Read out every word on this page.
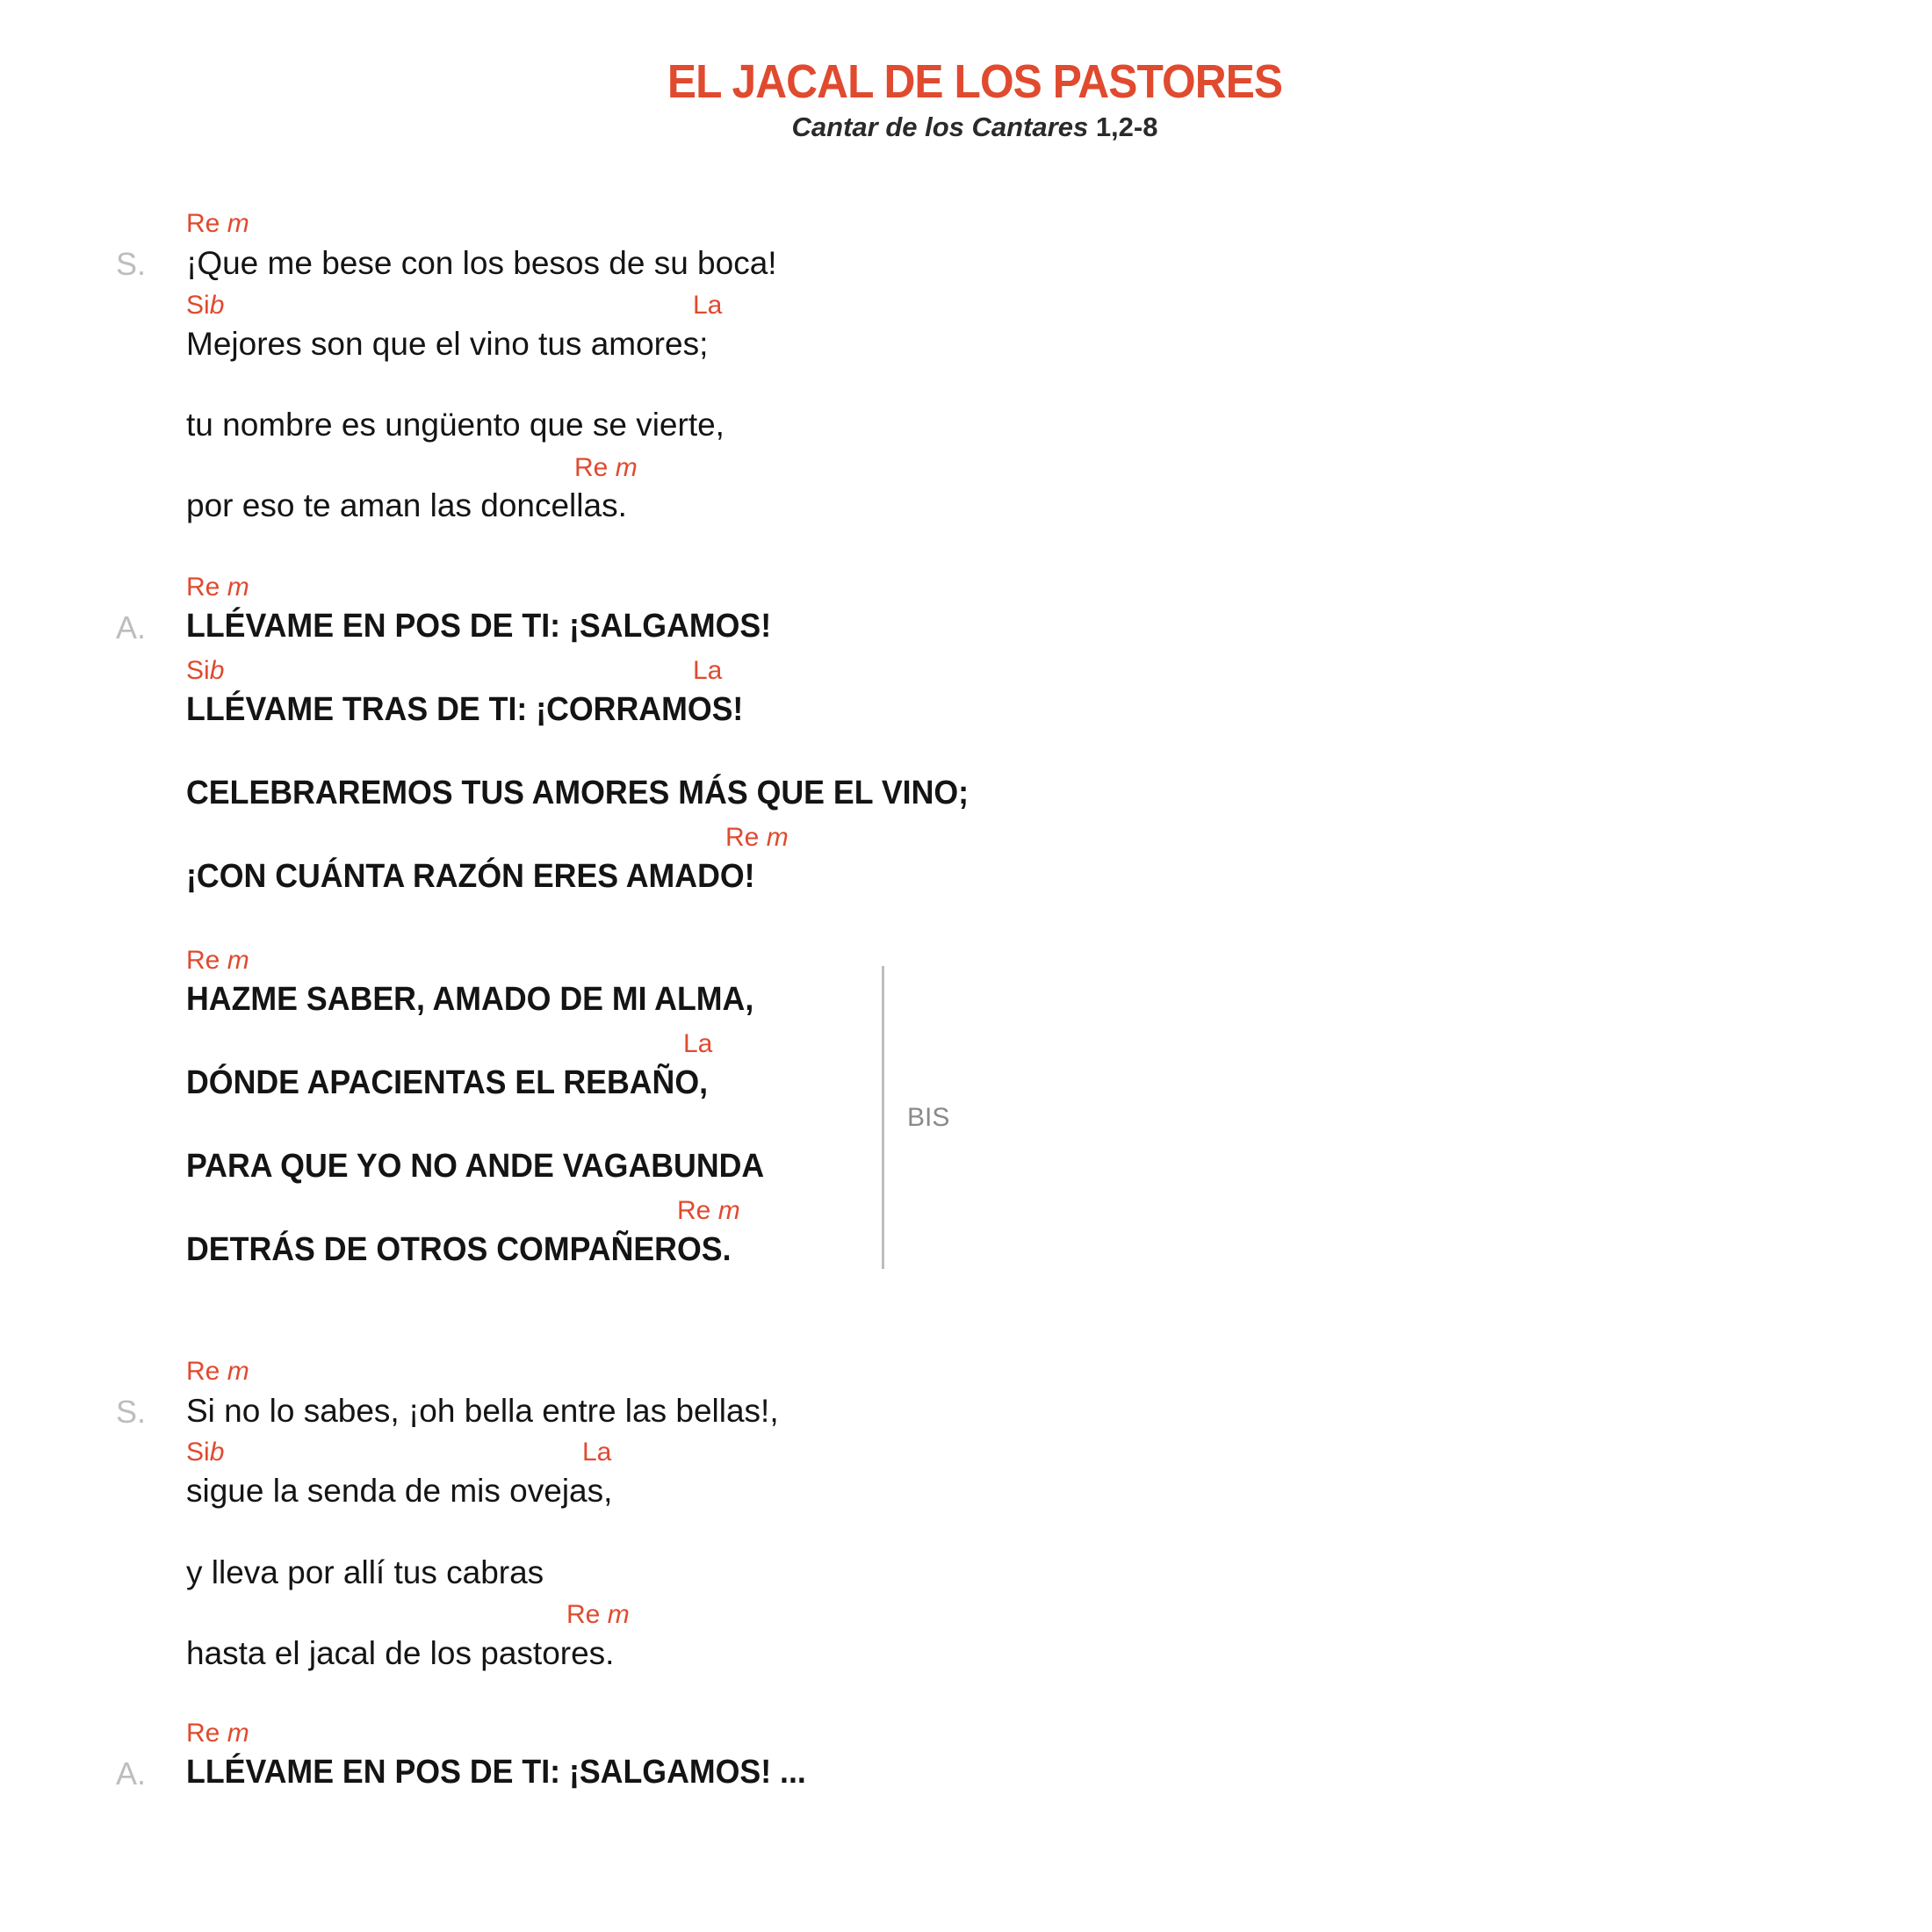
EL JACAL DE LOS PASTORES
Cantar de los Cantares 1,2-8
Re m
S. ¡Que me bese con los besos de su boca!
Sib	La
Mejores son que el vino tus amores;
tu nombre es ungüento que se vierte,
Re m
por eso te aman las doncellas.
Re m
A. LLÉVAME EN POS DE TI: ¡SALGAMOS!
Sib	La
LLÉVAME TRAS DE TI: ¡CORRAMOS!
CELEBRAREMOS TUS AMORES MÁS QUE EL VINO;
Re m
¡CON CUÁNTA RAZÓN ERES AMADO!
Re m
HAZME SABER, AMADO DE MI ALMA,
La
DÓNDE APACIENTAS EL REBAÑO,
PARA QUE YO NO ANDE VAGABUNDA
Re m
DETRÁS DE OTROS COMPAÑEROS.
BIS
Re m
S. Si no lo sabes, ¡oh bella entre las bellas!,
Sib	La
sigue la senda de mis ovejas,
y lleva por allí tus cabras
Re m
hasta el jacal de los pastores.
Re m
A. LLÉVAME EN POS DE TI: ¡SALGAMOS! ...
